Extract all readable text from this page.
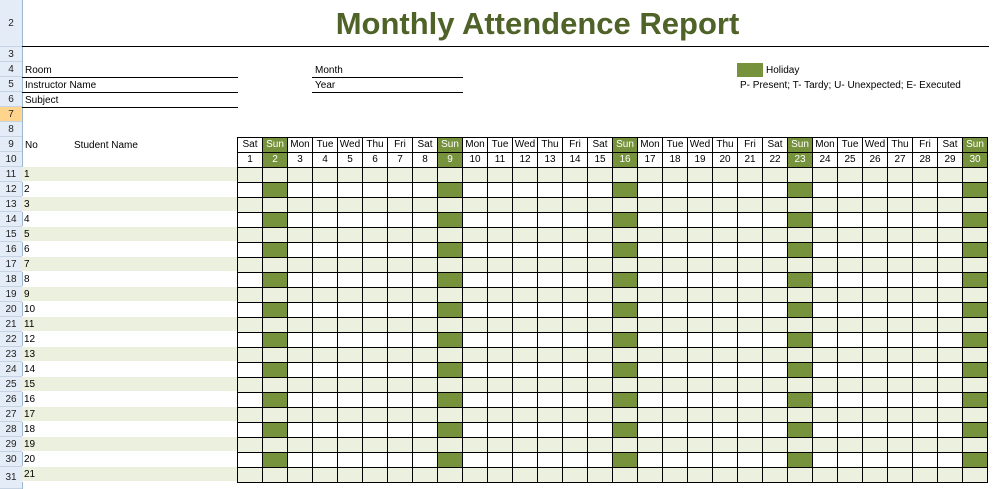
2
3
4
5
6
7
8
9
10
11
12
13
14
15
16
17
18
19
20
21
22
23
24
25
26
27
28
29
30
31
Monthly Attendence Report
Room
Instructor Name
Subject
Month
Year
Holiday
P- Present; T- Tardy; U- Unexpected; E- Executed
No	Student Name	Sat
1
Sun
2
Mon
3
Tue
4
Wed
5
Thu
6
Fri
7
Sat
8
Sun
9
Mon
10
Tue
11
Wed
12
Thu
13
Fri
14
Sat
15
Sun
16
Mon
17
Tue
18
Wed
19
Thu
20
Fri
21
Sat
22
Sun
23
Mon
24
Tue
25
Wed
26
Thu
27
Fri
28
Sat
29
Sun
30
1
2
3
4
5
6
7
8
9
10
11
12
13
14
15
16
17
18
19
20
21
